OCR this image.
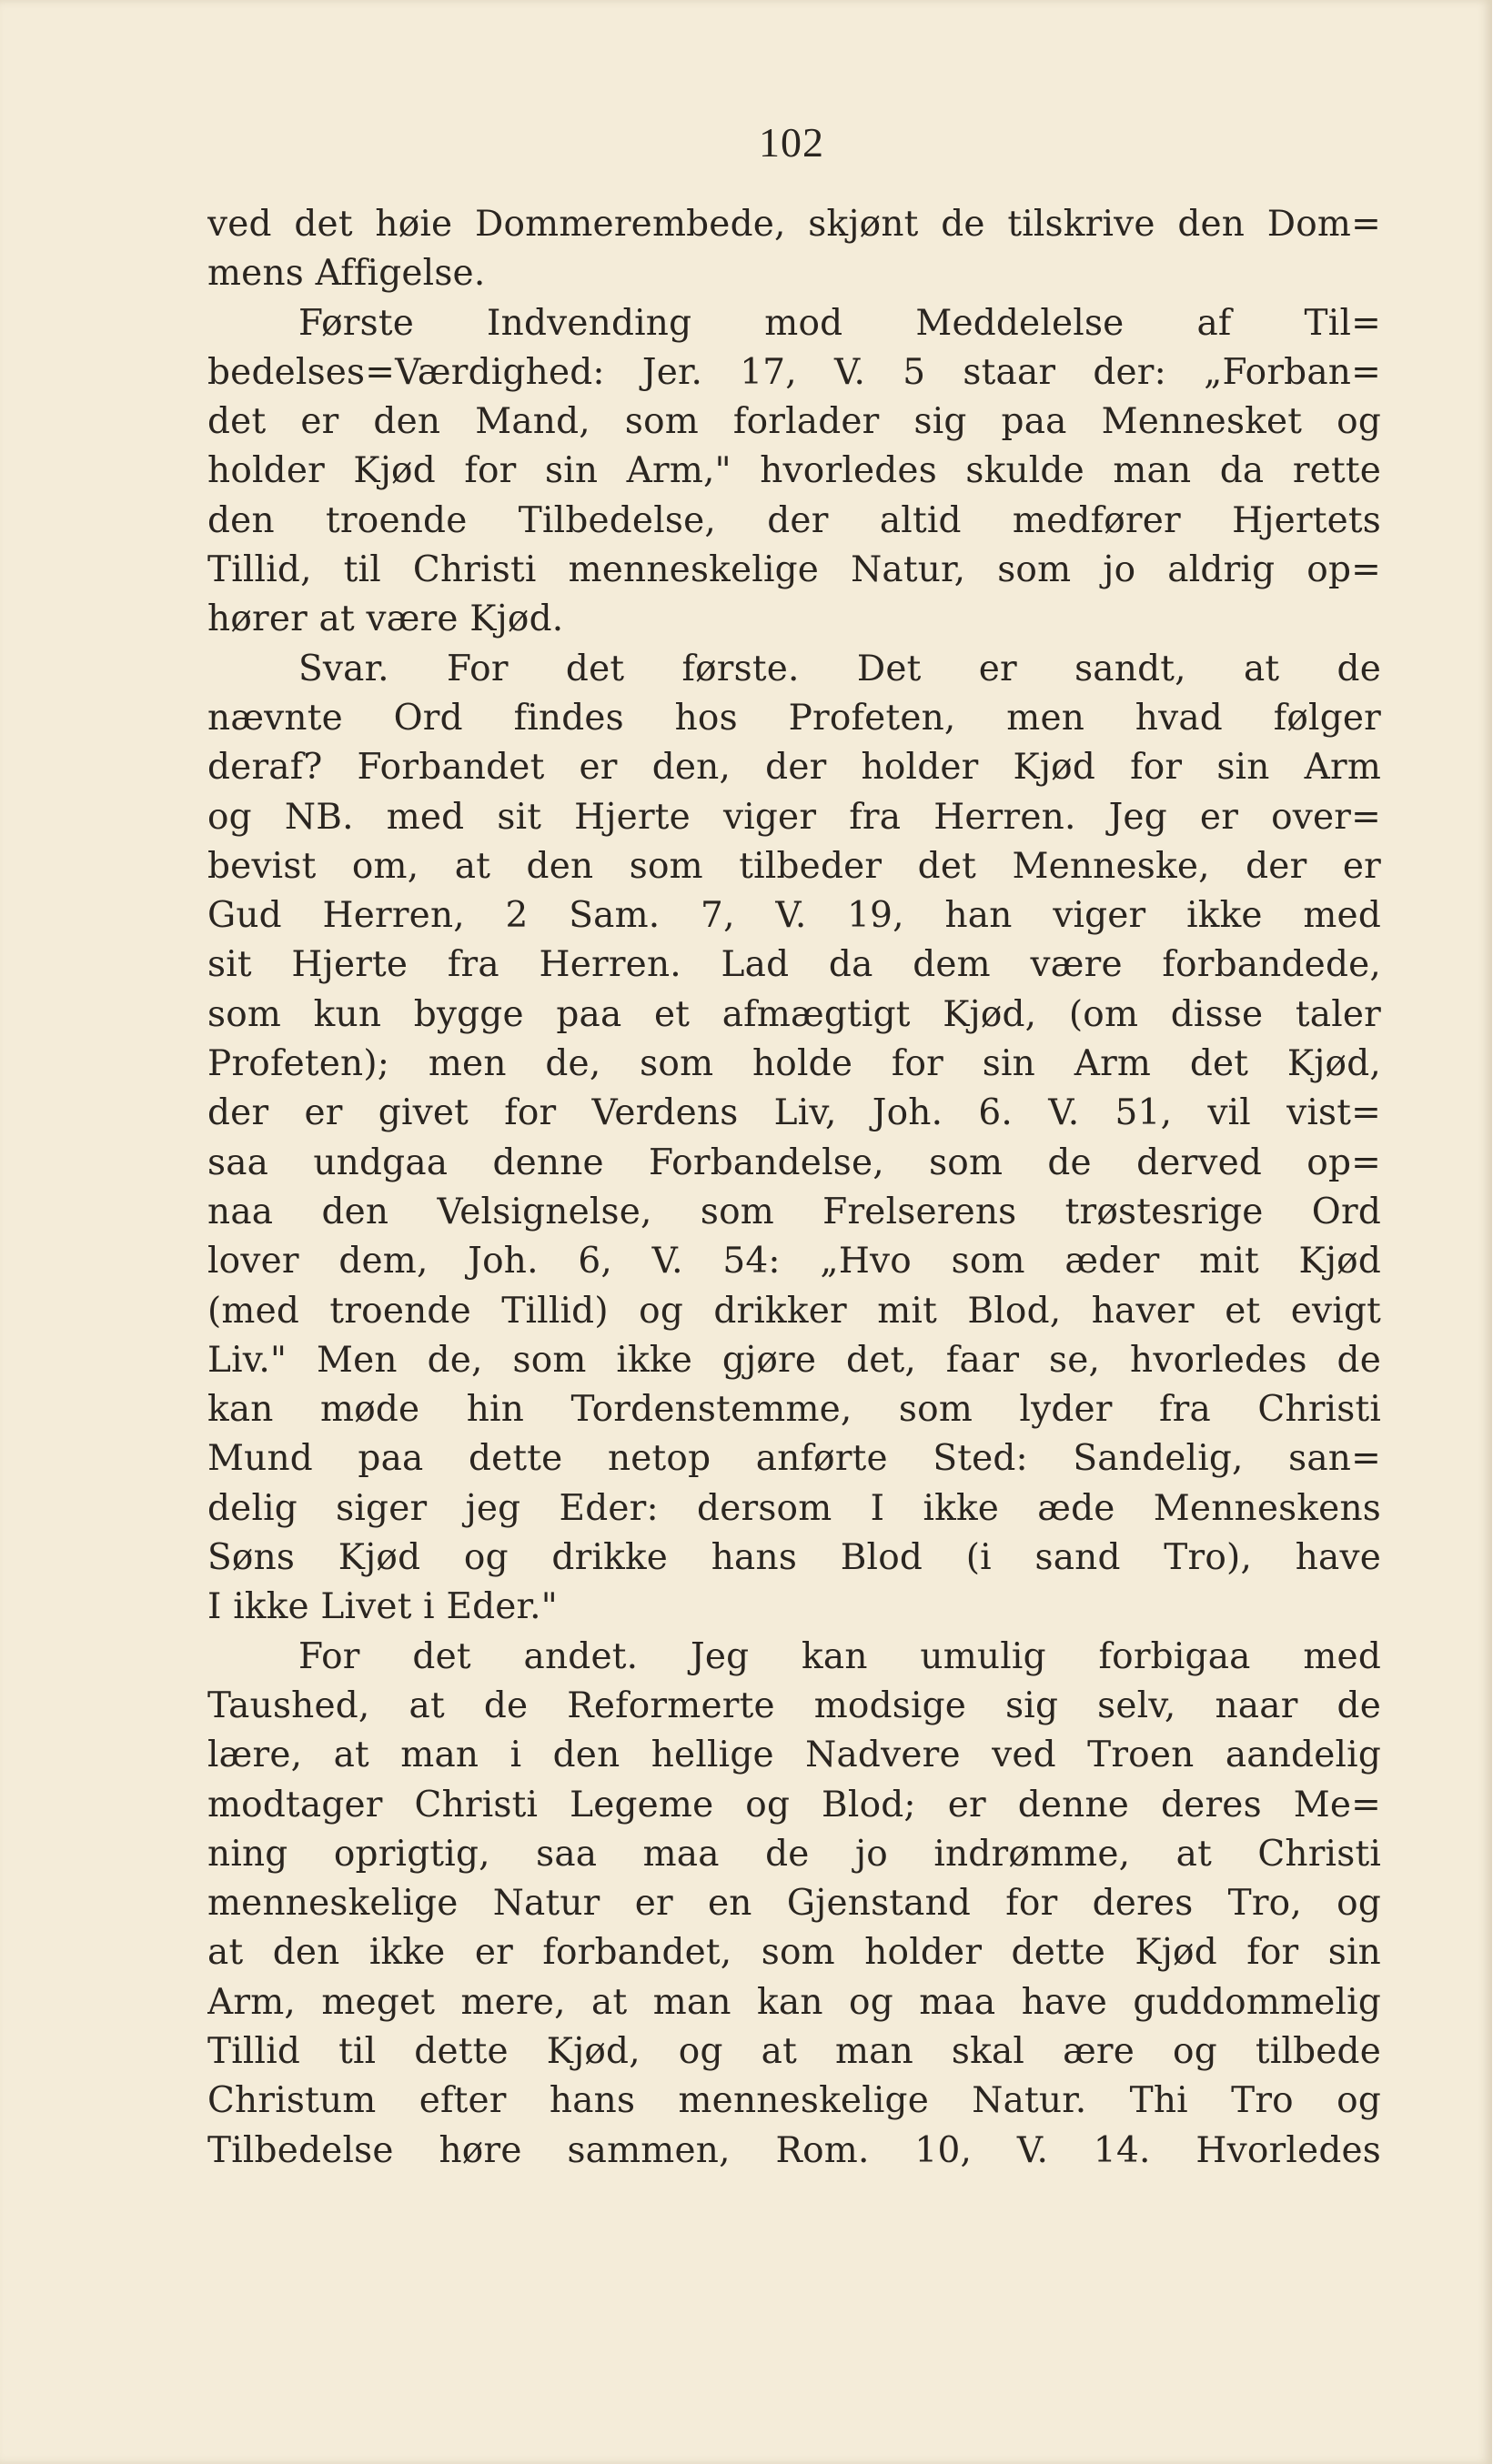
102
ved det høie Dommerembede, skjønt de tilskrive den Dom=
mens Affigelse.
Første Indvending mod Meddelelse af Til=
bedelses=Værdighed: Jer. 17, V. 5 staar der: „Forban=
det er den Mand, som forlader sig paa Mennesket og
holder Kjød for sin Arm," hvorledes skulde man da rette
den troende Tilbedelse, der altid medfører Hjertets
Tillid, til Christi menneskelige Natur, som jo aldrig op=
hører at være Kjød.
Svar. For det første. Det er sandt, at de
nævnte Ord findes hos Profeten, men hvad følger
deraf? Forbandet er den, der holder Kjød for sin Arm
og NB. med sit Hjerte viger fra Herren. Jeg er over=
bevist om, at den som tilbeder det Menneske, der er
Gud Herren, 2 Sam. 7, V. 19, han viger ikke med
sit Hjerte fra Herren. Lad da dem være forbandede,
som kun bygge paa et afmægtigt Kjød, (om disse taler
Profeten); men de, som holde for sin Arm det Kjød,
der er givet for Verdens Liv, Joh. 6. V. 51, vil vist=
saa undgaa denne Forbandelse, som de derved op=
naa den Velsignelse, som Frelserens trøstesrige Ord
lover dem, Joh. 6, V. 54: „Hvo som æder mit Kjød
(med troende Tillid) og drikker mit Blod, haver et evigt
Liv." Men de, som ikke gjøre det, faar se, hvorledes de
kan møde hin Tordenstemme, som lyder fra Christi
Mund paa dette netop anførte Sted: Sandelig, san=
delig siger jeg Eder: dersom I ikke æde Menneskens
Søns Kjød og drikke hans Blod (i sand Tro), have
I ikke Livet i Eder."
For det andet. Jeg kan umulig forbigaa med
Taushed, at de Reformerte modsige sig selv, naar de
lære, at man i den hellige Nadvere ved Troen aandelig
modtager Christi Legeme og Blod; er denne deres Me=
ning oprigtig, saa maa de jo indrømme, at Christi
menneskelige Natur er en Gjenstand for deres Tro, og
at den ikke er forbandet, som holder dette Kjød for sin
Arm, meget mere, at man kan og maa have guddommelig
Tillid til dette Kjød, og at man skal ære og tilbede
Christum efter hans menneskelige Natur. Thi Tro og
Tilbedelse høre sammen, Rom. 10, V. 14. Hvorledes
